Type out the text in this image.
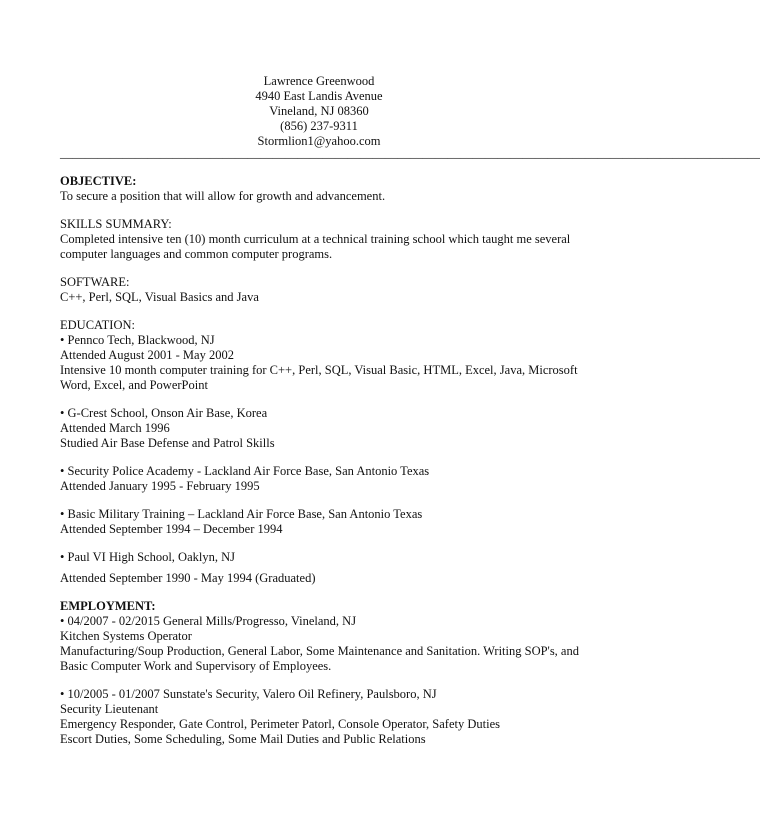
Lawrence Greenwood
4940 East Landis Avenue
Vineland, NJ 08360
(856) 237-9311
Stormlion1@yahoo.com
________________________________________________________________________________________________________________
OBJECTIVE:
To secure a position that will allow for growth and advancement.
SKILLS SUMMARY:
Completed intensive ten (10) month curriculum at a technical training school which taught me several
computer languages and common computer programs.
SOFTWARE:
C++, Perl, SQL, Visual Basics and Java
EDUCATION:
• Pennco Tech, Blackwood, NJ
Attended August 2001 - May 2002
Intensive 10 month computer training for C++, Perl, SQL, Visual Basic, HTML, Excel, Java, Microsoft
Word, Excel, and PowerPoint
• G-Crest School, Onson Air Base, Korea
Attended March 1996
Studied Air Base Defense and Patrol Skills
• Security Police Academy - Lackland Air Force Base, San Antonio Texas
Attended January 1995 - February 1995
• Basic Military Training – Lackland Air Force Base, San Antonio Texas
Attended September 1994 – December 1994
• Paul VI High School, Oaklyn, NJ
Attended September 1990 - May 1994 (Graduated)
EMPLOYMENT:
• 04/2007 - 02/2015 General Mills/Progresso, Vineland, NJ
Kitchen Systems Operator
Manufacturing/Soup Production, General Labor, Some Maintenance and Sanitation. Writing SOP's, and
Basic Computer Work and Supervisory of Employees.
• 10/2005 - 01/2007 Sunstate's Security, Valero Oil Refinery, Paulsboro, NJ
Security Lieutenant
Emergency Responder, Gate Control, Perimeter Patorl, Console Operator, Safety Duties
Escort Duties, Some Scheduling, Some Mail Duties and Public Relations
